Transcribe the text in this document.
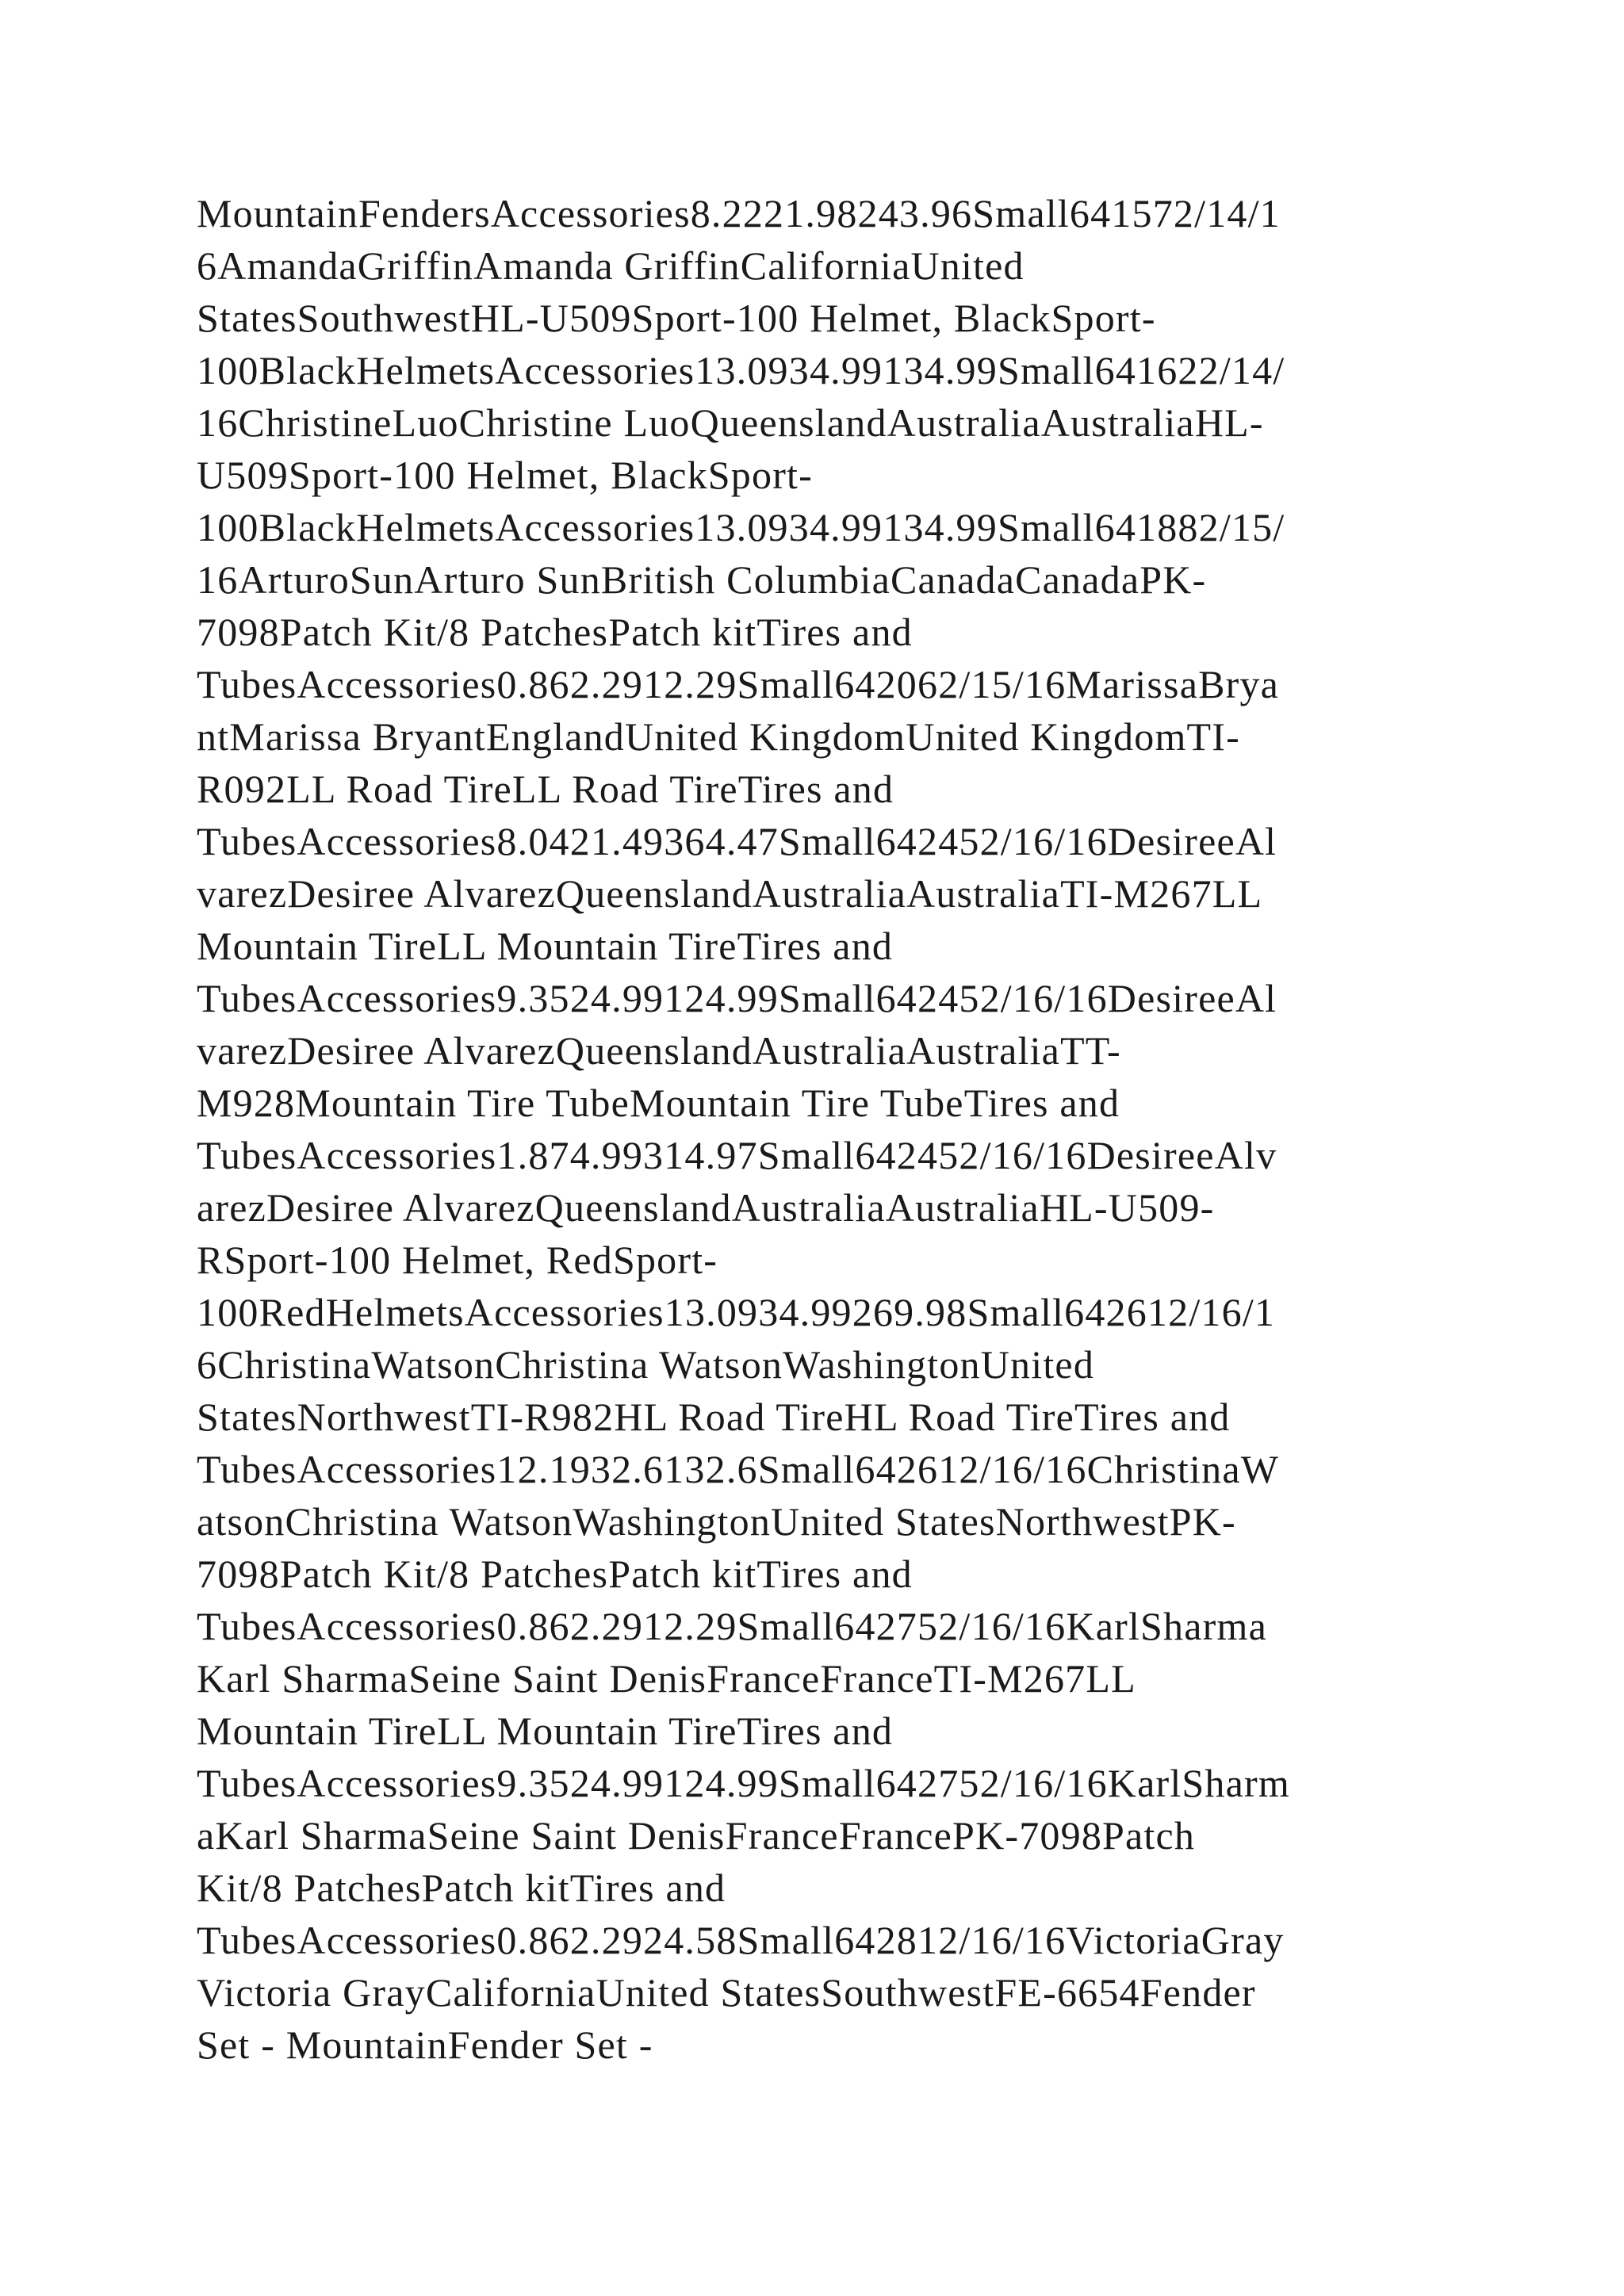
MountainFendersAccessories8.2221.98243.96Small641572/14/1
6AmandaGriffinAmanda GriffinCaliforniaUnited
StatesSouthwestHL-U509Sport-100 Helmet, BlackSport-
100BlackHelmetsAccessories13.0934.99134.99Small641622/14/
16ChristineLuoChristine LuoQueenslandAustraliaAustraliaHL-
U509Sport-100 Helmet, BlackSport-
100BlackHelmetsAccessories13.0934.99134.99Small641882/15/
16ArturoSunArturo SunBritish ColumbiaCanadaCanadaPK-
7098Patch Kit/8 PatchesPatch kitTires and
TubesAccessories0.862.2912.29Small642062/15/16MarissaBrya
ntMarissa BryantEnglandUnited KingdomUnited KingdomTI-
R092LL Road TireLL Road TireTires and
TubesAccessories8.0421.49364.47Small642452/16/16DesireeAl
varezDesiree AlvarezQueenslandAustraliaAustraliaTI-M267LL
Mountain TireLL Mountain TireTires and
TubesAccessories9.3524.99124.99Small642452/16/16DesireeAl
varezDesiree AlvarezQueenslandAustraliaAustraliaTT-
M928Mountain Tire TubeMountain Tire TubeTires and
TubesAccessories1.874.99314.97Small642452/16/16DesireeAlv
arezDesiree AlvarezQueenslandAustraliaAustraliaHL-U509-
RSport-100 Helmet, RedSport-
100RedHelmetsAccessories13.0934.99269.98Small642612/16/1
6ChristinaWatsonChristina WatsonWashingtonUnited
StatesNorthwestTI-R982HL Road TireHL Road TireTires and
TubesAccessories12.1932.6132.6Small642612/16/16ChristinaW
atsonChristina WatsonWashingtonUnited StatesNorthwestPK-
7098Patch Kit/8 PatchesPatch kitTires and
TubesAccessories0.862.2912.29Small642752/16/16KarlSharma
Karl SharmaSeine Saint DenisFranceFranceTI-M267LL
Mountain TireLL Mountain TireTires and
TubesAccessories9.3524.99124.99Small642752/16/16KarlSharm
aKarl SharmaSeine Saint DenisFranceFrancePK-7098Patch
Kit/8 PatchesPatch kitTires and
TubesAccessories0.862.2924.58Small642812/16/16VictoriaGray
Victoria GrayCaliforniaUnited StatesSouthwestFE-6654Fender
Set - MountainFender Set -
